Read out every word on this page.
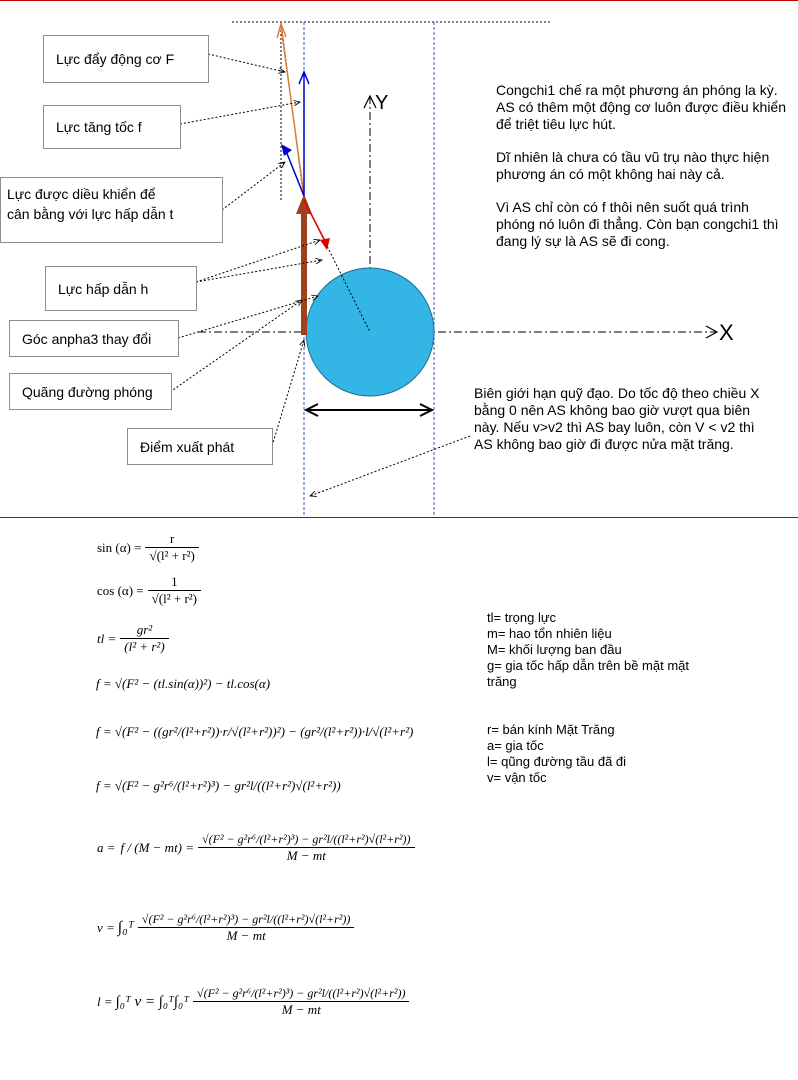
Y
X
Lực đẩy động cơ F
Lực tăng tốc f
Lực được diều khiển để
cân bằng với lực hấp dẫn t
Lực hấp dẫn h
Góc anpha3 thay đổi
Quãng đường phóng
Điểm xuất phát

Congchi1 chế ra một phương án phóng la kỳ. AS có thêm một động cơ luôn được điều khiển để triệt tiêu lực hút.

Dĩ nhiên là chưa có tầu vũ trụ nào thực hiện phương án có một không hai này cả.

Vì AS chỉ còn có f thôi nên suốt quá trình phóng nó luôn đi thẳng. Còn bạn congchi1 thì đang lý sự là AS sẽ đi cong.

Biên giới hạn quỹ đạo. Do tốc độ theo chiều X bằng 0 nên AS không bao giờ vượt qua biên này. Nếu v>v2 thì AS bay luôn, còn V < v2 thì AS không bao giờ đi được nửa mặt trăng.
sin (α) =	
r
√(l² + r²)
cos (α) =	
1
√(l² + r²)
tl =	
gr²
(l² + r²)
f = √(F² − (tl.sin(α))²) − tl.cos(α)
f = √(F² − ((gr²/(l²+r²))·r/√(l²+r²))²) − (gr²/(l²+r²))·l/√(l²+r²)
f = √(F² − g²r⁶/(l²+r²)³) − gr²l/((l²+r²)√(l²+r²))
a =	f / (M − mt) =	
√(F² − g²r⁶/(l²+r²)³) − gr²l/((l²+r²)√(l²+r²))
M − mt
v =	∫₀ᵀ	√(F² − g²r⁶/(l²+r²)³) − gr²l/((l²+r²)√(l²+r²))
M − mt
l =	∫₀ᵀ v = ∫₀ᵀ∫₀ᵀ	
√(F² − g²r⁶/(l²+r²)³) − gr²l/((l²+r²)√(l²+r²))
M − mt
tl= trọng lực
m= hao tổn nhiên liệu
M= khối lượng ban đầu
g= gia tốc hấp dẫn trên bề mặt mặt
trăng
r= bán kính Mặt Trăng
a= gia tốc
l= qũng đường tầu đã đi
v= vận tốc
